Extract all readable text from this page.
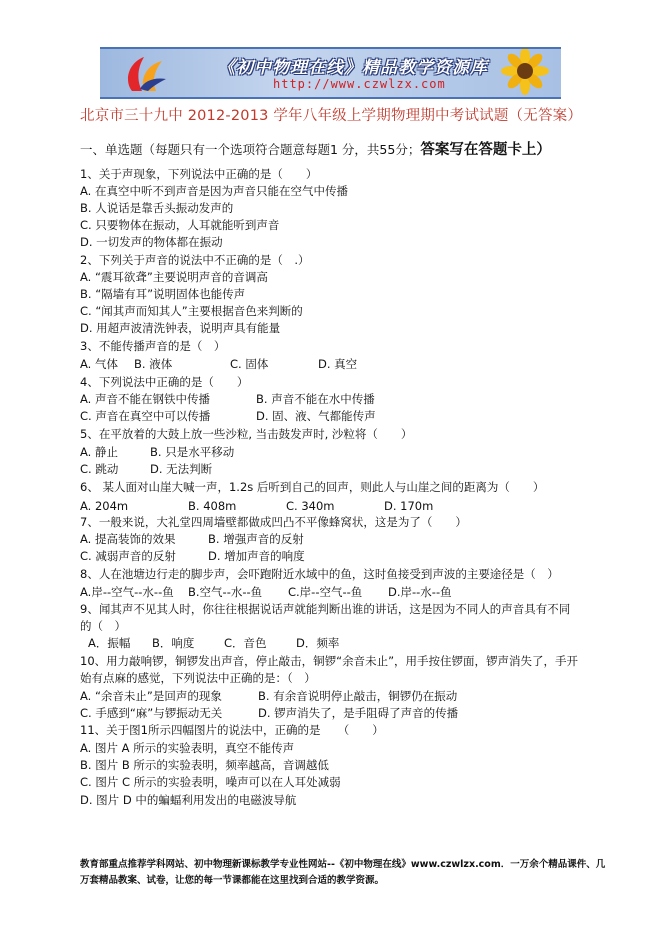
《初中物理在线》精品教学资源库
http://www.czwlzx.com
北京市三十九中 2012-2013 学年八年级上学期物理期中考试试题（无答案）
一、单选题（每题只有一个选项符合题意每题1 分，共55分；答案写在答题卡上）
1、关于声现象，下列说法中正确的是（　　）
A. 在真空中听不到声音是因为声音只能在空气中传播
B. 人说话是靠舌头振动发声的
C. 只要物体在振动，人耳就能听到声音
D. 一切发声的物体都在振动
2、下列关于声音的说法中不正确的是（　.）
A. “震耳欲聋”主要说明声音的音调高
B. “隔墙有耳”说明固体也能传声
C. “闻其声而知其人”主要根据音色来判断的
D. 用超声波清洗钟表，说明声具有能量
3、不能传播声音的是（　）
A. 气体 B. 液体	C. 固体	D. 真空
4、下列说法中正确的是（　　）
A. 声音不能在钢铁中传播	B. 声音不能在水中传播
C. 声音在真空中可以传播	D. 固、液、气都能传声
5、在平放着的大鼓上放一些沙粒, 当击鼓发声时, 沙粒将（　　）
A. 静止	B. 只是水平移动
C. 跳动	D. 无法判断
6、 某人面对山崖大喊一声，1.2s 后听到自己的回声，则此人与山崖之间的距离为（　　）
A. 204m	B. 408m	C. 340m	D. 170m
7、一般来说，大礼堂四周墙壁都做成凹凸不平像蜂窝状，这是为了（　　）
A. 提高装饰的效果	B. 增强声音的反射
C. 减弱声音的反射	D. 增加声音的响度
8、人在池塘边行走的脚步声，会吓跑附近水域中的鱼，这时鱼接受到声波的主要途径是（　）
A.岸--空气--水--鱼 B.空气--水--鱼 C.岸--空气--鱼 D.岸--水--鱼
9、闻其声不见其人时，你往往根据说话声就能判断出谁的讲话，这是因为不同人的声音具有不同
的（　）
A．振幅 B．响度	C．音色	D．频率
10、用力敲响锣，铜锣发出声音，停止敲击，铜锣“余音未止”，用手按住锣面，锣声消失了，手开
始有点麻的感觉，下列说法中正确的是：（　）
A. “余音未止”是回声的现象	B. 有余音说明停止敲击，铜锣仍在振动
C. 手感到“麻”与锣振动无关	D. 锣声消失了，是手阻碍了声音的传播
11、关于图1所示四幅图片的说法中，正确的是　　（　　）
A. 图片 A 所示的实验表明，真空不能传声
B. 图片 B 所示的实验表明，频率越高，音调越低
C. 图片 C 所示的实验表明，噪声可以在人耳处减弱
D. 图片 D 中的蝙蝠利用发出的电磁波导航
教育部重点推荐学科网站、初中物理新课标教学专业性网站--《初中物理在线》www.czwlzx.com．一万余个精品课件、几万套精品教案、试卷，让您的每一节课都能在这里找到合适的教学资源。
